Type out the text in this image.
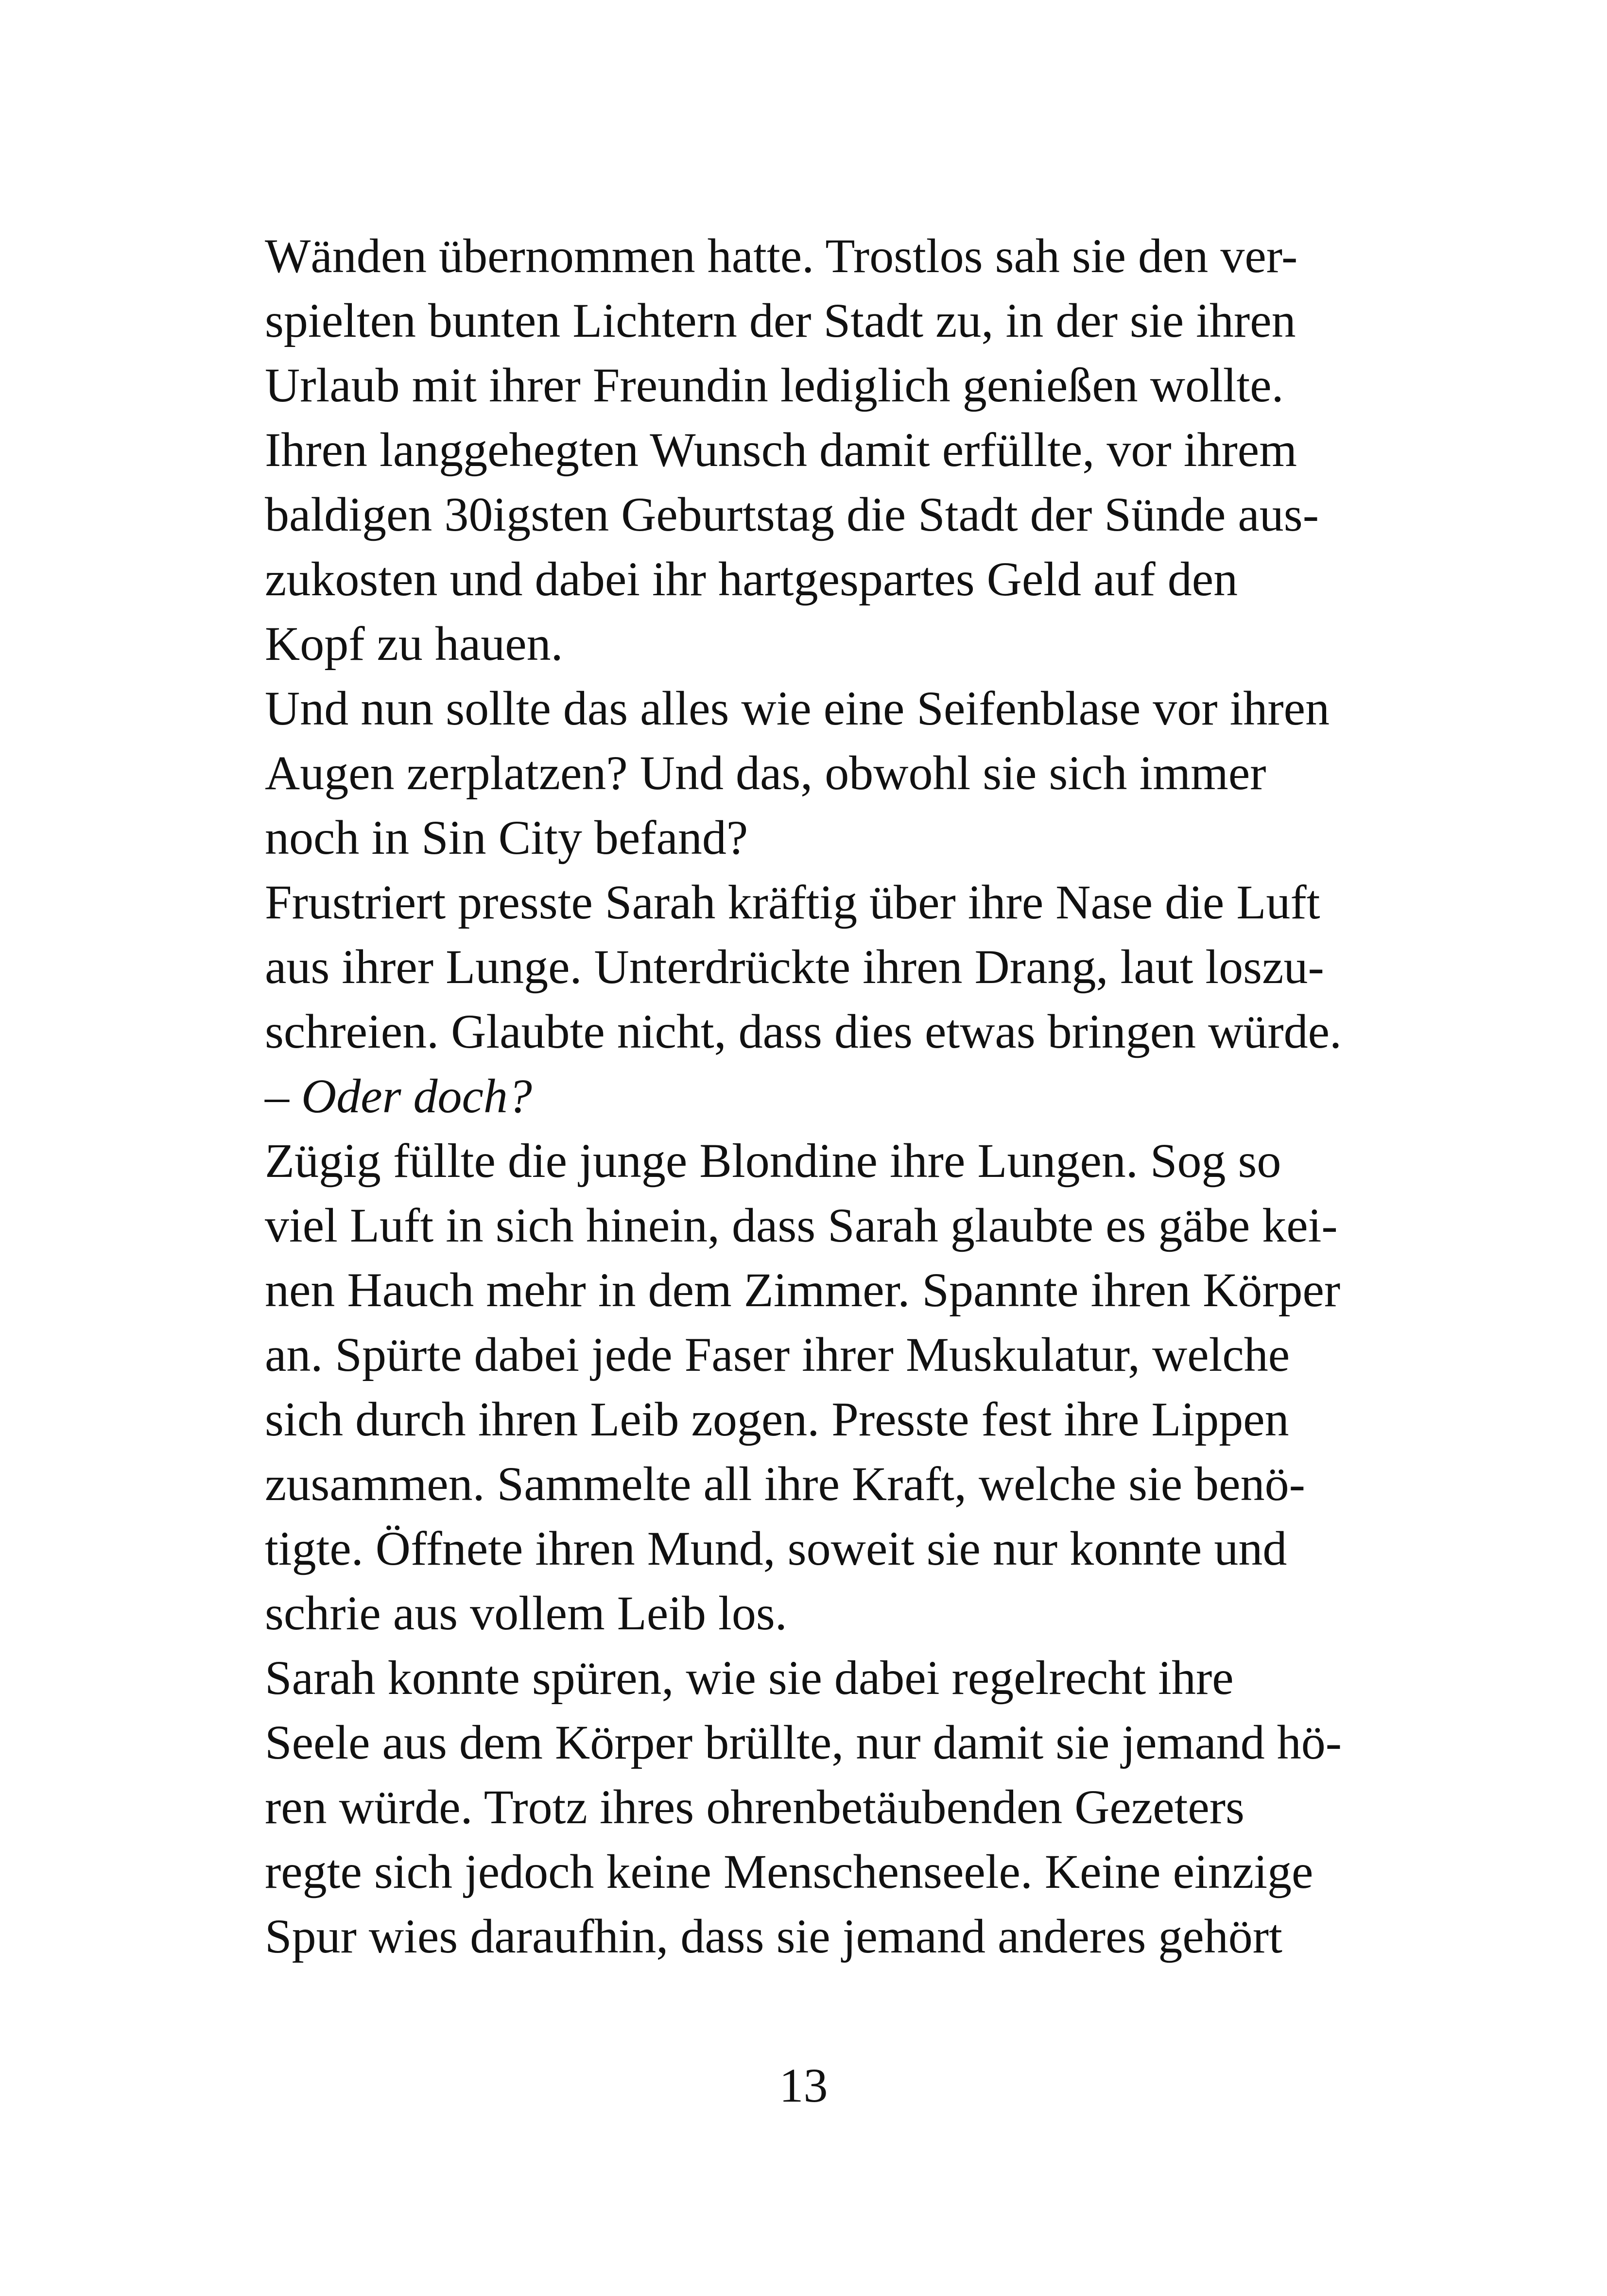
Wänden übernommen hatte. Trostlos sah sie den ver-
spielten bunten Lichtern der Stadt zu, in der sie ihren
Urlaub mit ihrer Freundin lediglich genießen wollte.
Ihren langgehegten Wunsch damit erfüllte, vor ihrem
baldigen 30igsten Geburtstag die Stadt der Sünde aus-
zukosten und dabei ihr hartgespartes Geld auf den
Kopf zu hauen.
Und nun sollte das alles wie eine Seifenblase vor ihren
Augen zerplatzen? Und das, obwohl sie sich immer
noch in Sin City befand?
Frustriert presste Sarah kräftig über ihre Nase die Luft
aus ihrer Lunge. Unterdrückte ihren Drang, laut loszu-
schreien. Glaubte nicht, dass dies etwas bringen würde.
– Oder doch?
Zügig füllte die junge Blondine ihre Lungen. Sog so
viel Luft in sich hinein, dass Sarah glaubte es gäbe kei-
nen Hauch mehr in dem Zimmer. Spannte ihren Körper
an. Spürte dabei jede Faser ihrer Muskulatur, welche
sich durch ihren Leib zogen. Presste fest ihre Lippen
zusammen. Sammelte all ihre Kraft, welche sie benö-
tigte. Öffnete ihren Mund, soweit sie nur konnte und
schrie aus vollem Leib los.
Sarah konnte spüren, wie sie dabei regelrecht ihre
Seele aus dem Körper brüllte, nur damit sie jemand hö-
ren würde. Trotz ihres ohrenbetäubenden Gezeters
regte sich jedoch keine Menschenseele. Keine einzige
Spur wies daraufhin, dass sie jemand anderes gehört
13
